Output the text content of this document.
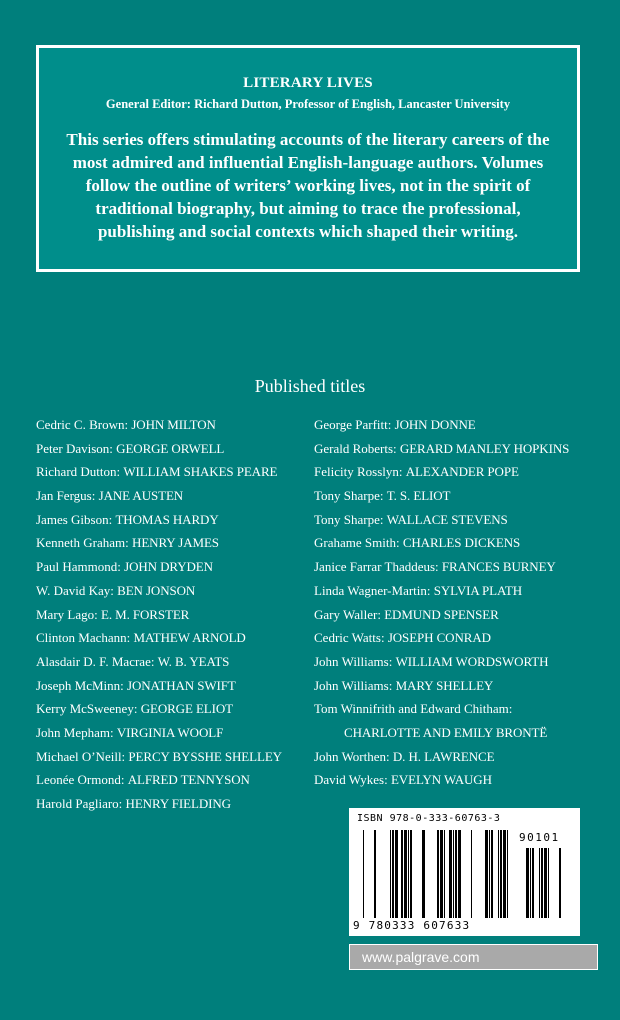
LITERARY LIVES
General Editor: Richard Dutton, Professor of English, Lancaster University
This series offers stimulating accounts of the literary careers of the most admired and influential English-language authors. Volumes follow the outline of writers’ working lives, not in the spirit of traditional biography, but aiming to trace the professional, publishing and social contexts which shaped their writing.
Published titles
Cedric C. Brown: JOHN MILTON
Peter Davison: GEORGE ORWELL
Richard Dutton: WILLIAM SHAKES PEARE
Jan Fergus: JANE AUSTEN
James Gibson: THOMAS HARDY
Kenneth Graham: HENRY JAMES
Paul Hammond: JOHN DRYDEN
W. David Kay: BEN JONSON
Mary Lago: E. M. FORSTER
Clinton Machann: MATHEW ARNOLD
Alasdair D. F. Macrae: W. B. YEATS
Joseph McMinn: JONATHAN SWIFT
Kerry McSweeney: GEORGE ELIOT
John Mepham: VIRGINIA WOOLF
Michael O’Neill: PERCY BYSSHE SHELLEY
Leonée Ormond: ALFRED TENNYSON
Harold Pagliaro: HENRY FIELDING
George Parfitt: JOHN DONNE
Gerald Roberts: GERARD MANLEY HOPKINS
Felicity Rosslyn: ALEXANDER POPE
Tony Sharpe: T. S. ELIOT
Tony Sharpe: WALLACE STEVENS
Grahame Smith: CHARLES DICKENS
Janice Farrar Thaddeus: FRANCES BURNEY
Linda Wagner-Martin: SYLVIA PLATH
Gary Waller: EDMUND SPENSER
Cedric Watts: JOSEPH CONRAD
John Williams: WILLIAM WORDSWORTH
John Williams: MARY SHELLEY
Tom Winnifrith and Edward Chitham:
CHARLOTTE AND EMILY BRONTË
John Worthen: D. H. LAWRENCE
David Wykes: EVELYN WAUGH
ISBN 978-0-333-60763-3
90101
9 780333 607633
www.palgrave.com
